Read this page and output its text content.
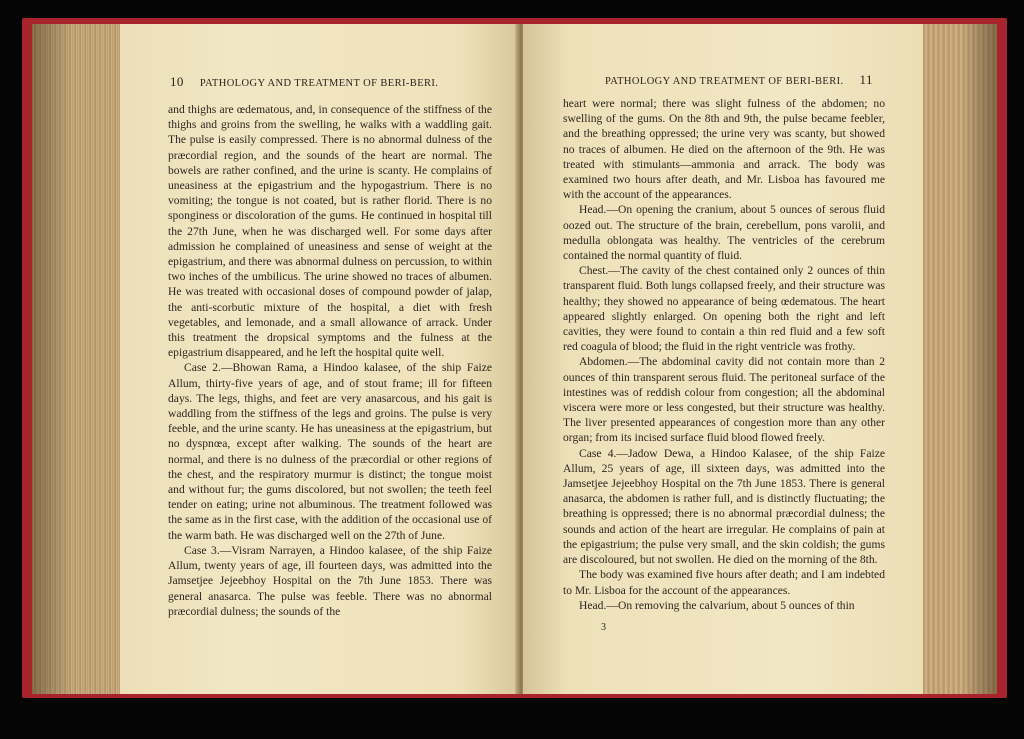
10 PATHOLOGY AND TREATMENT OF BERI-BERI.

and thighs are œdematous, and, in consequence of the stiffness of the thighs and groins from the swelling, he walks with a waddling gait. The pulse is easily compressed. There is no abnormal dulness of the præcordial region, and the sounds of the heart are normal. The bowels are rather confined, and the urine is scanty. He complains of uneasiness at the epigastrium and the hypogastrium. There is no vomiting; the tongue is not coated, but is rather florid. There is no sponginess or discoloration of the gums. He continued in hospital till the 27th June, when he was discharged well. For some days after admission he complained of uneasiness and sense of weight at the epigastrium, and there was abnormal dulness on percussion, to within two inches of the umbilicus. The urine showed no traces of albumen. He was treated with occasional doses of compound powder of jalap, the anti-scorbutic mixture of the hospital, a diet with fresh vegetables, and lemonade, and a small allowance of arrack. Under this treatment the dropsical symptoms and the fulness at the epigastrium disappeared, and he left the hospital quite well.

Case 2.—Bhowan Rama, a Hindoo kalasee, of the ship Faize Allum, thirty-five years of age, and of stout frame; ill for fifteen days. The legs, thighs, and feet are very anasarcous, and his gait is waddling from the stiffness of the legs and groins. The pulse is very feeble, and the urine scanty. He has uneasiness at the epigastrium, but no dyspnœa, except after walking. The sounds of the heart are normal, and there is no dulness of the præcordial or other regions of the chest, and the respiratory murmur is distinct; the tongue moist and without fur; the gums discolored, but not swollen; the teeth feel tender on eating; urine not albuminous. The treatment followed was the same as in the first case, with the addition of the occasional use of the warm bath. He was discharged well on the 27th of June.

Case 3.—Visram Narrayen, a Hindoo kalasee, of the ship Faize Allum, twenty years of age, ill fourteen days, was admitted into the Jamsetjee Jejeebhoy Hospital on the 7th June 1853. There was general anasarca. The pulse was feeble. There was no abnormal præcordial dulness; the sounds of the

PATHOLOGY AND TREATMENT OF BERI-BERI. 11

heart were normal; there was slight fulness of the abdomen; no swelling of the gums. On the 8th and 9th, the pulse became feebler, and the breathing oppressed; the urine very was scanty, but showed no traces of albumen. He died on the afternoon of the 9th. He was treated with stimulants—ammonia and arrack. The body was examined two hours after death, and Mr. Lisboa has favoured me with the account of the appearances.

Head.—On opening the cranium, about 5 ounces of serous fluid oozed out. The structure of the brain, cerebellum, pons varolii, and medulla oblongata was healthy. The ventricles of the cerebrum contained the normal quantity of fluid.

Chest.—The cavity of the chest contained only 2 ounces of thin transparent fluid. Both lungs collapsed freely, and their structure was healthy; they showed no appearance of being œdematous. The heart appeared slightly enlarged. On opening both the right and left cavities, they were found to contain a thin red fluid and a few soft red coagula of blood; the fluid in the right ventricle was frothy.

Abdomen.—The abdominal cavity did not contain more than 2 ounces of thin transparent serous fluid. The peritoneal surface of the intestines was of reddish colour from congestion; all the abdominal viscera were more or less congested, but their structure was healthy. The liver presented appearances of congestion more than any other organ; from its incised surface fluid blood flowed freely.

Case 4.—Jadow Dewa, a Hindoo Kalasee, of the ship Faize Allum, 25 years of age, ill sixteen days, was admitted into the Jamsetjee Jejeebhoy Hospital on the 7th June 1853. There is general anasarca, the abdomen is rather full, and is distinctly fluctuating; the breathing is oppressed; there is no abnormal præcordial dulness; the sounds and action of the heart are irregular. He complains of pain at the epigastrium; the pulse very small, and the skin coldish; the gums are discoloured, but not swollen. He died on the morning of the 8th.

The body was examined five hours after death; and I am indebted to Mr. Lisboa for the account of the appearances.

Head.—On removing the calvarium, about 5 ounces of thin

3
